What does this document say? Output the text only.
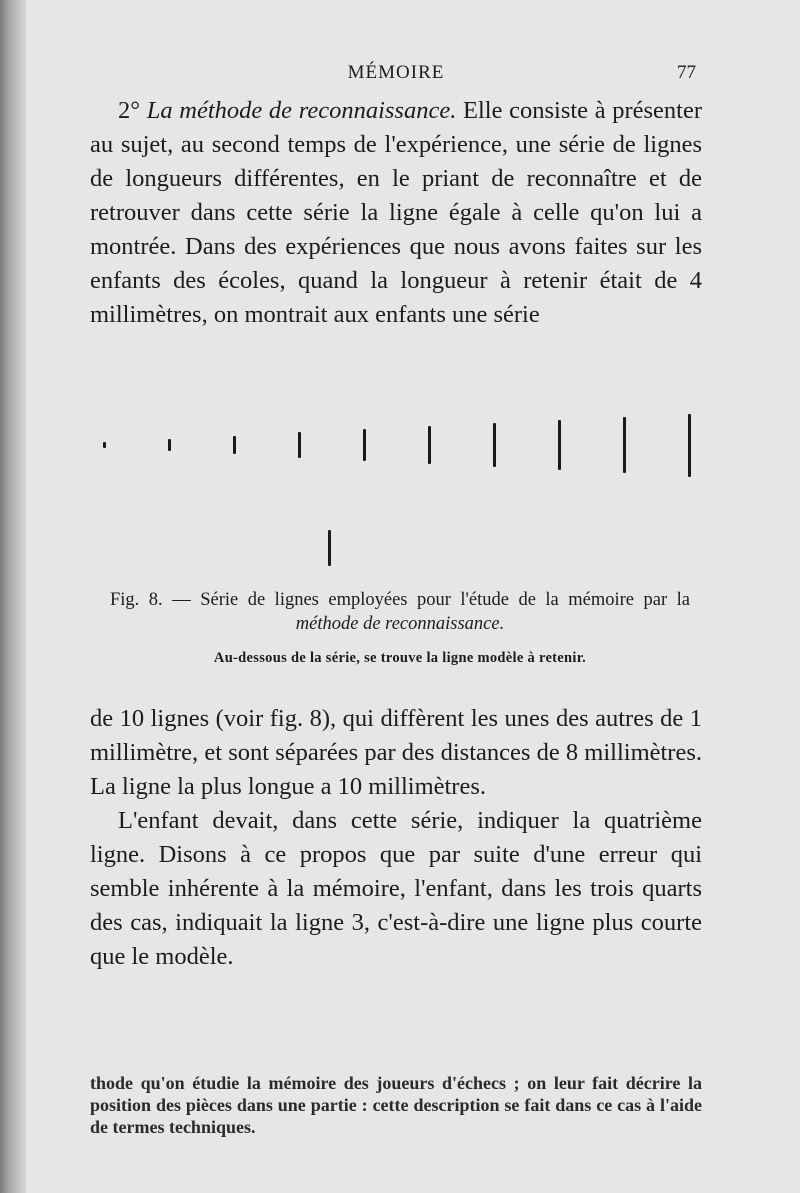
MÉMOIRE	77

2° La méthode de reconnaissance. Elle consiste à présenter au sujet, au second temps de l'expérience, une série de lignes de longueurs différentes, en le priant de reconnaître et de retrouver dans cette série la ligne égale à celle qu'on lui a montrée. Dans des expériences que nous avons faites sur les enfants des écoles, quand la longueur à retenir était de 4 millimètres, on montrait aux enfants une série

Fig. 8. — Série de lignes employées pour l'étude de la mémoire par la méthode de reconnaissance.
Au-dessous de la série, se trouve la ligne modèle à retenir.

de 10 lignes (voir fig. 8), qui diffèrent les unes des autres de 1 millimètre, et sont séparées par des distances de 8 millimètres. La ligne la plus longue a 10 millimètres.

L'enfant devait, dans cette série, indiquer la quatrième ligne. Disons à ce propos que par suite d'une erreur qui semble inhérente à la mémoire, l'enfant, dans les trois quarts des cas, indiquait la ligne 3, c'est-à-dire une ligne plus courte que le modèle.

thode qu'on étudie la mémoire des joueurs d'échecs ; on leur fait décrire la position des pièces dans une partie : cette description se fait dans ce cas à l'aide de termes techniques.
